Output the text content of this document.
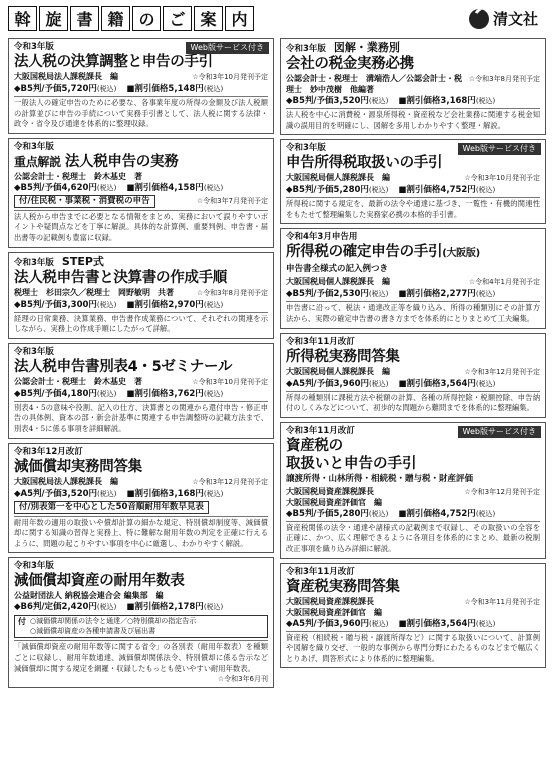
斡 旋 書 籍 の ご 案 内	清文社
令和3年版	Web版サービス付き
法人税の決算調整と申告の手引
大阪国税局法人課税課長　編	☆令和3年10月発刊予定
◆B5判/予価5,720円(税込) ■割引価格5,148円(税込)
一般法人の確定申告のために必要な、各事業年度の所得の金額及び法人税額の計算並びに申告の手続について実務手引書として、法人税に関する法律・政令・省令及び通達を体系的に整理収録。
令和3年版
重点解説 法人税申告の実務
公認会計士・税理士　鈴木基史　著
◆B5判/予価4,620円(税込) ■割引価格4,158円(税込)
付/住民税・事業税・消費税の申告	☆令和3年7月発刊予定
法人税から申告までに必要となる情報をまとめ、実務において誤りやすいポイントや疑問点などを丁寧に解説。具体的な計算例、重要判例、申告書・届出書等の記載例も豊富に収録。
令和3年版 STEP式
法人税申告書と決算書の作成手順
税理士　杉田宗久／税理士　岡野敏明　共著	☆令和3年8月発刊予定
◆B5判/予価3,300円(税込) ■割引価格2,970円(税込)
経理の日常業務、決算業務、申告書作成業務について、それぞれの関連を示しながら、実務上の作成手順にしたがって詳解。
令和3年版
法人税申告書別表4・5ゼミナール
公認会計士・税理士　鈴木基史　著	☆令和3年10月発刊予定
◆B5判/予価4,180円(税込) ■割引価格3,762円(税込)
別表4・5の意味や役割、記入の仕方、決算書との関連から還付申告・修正申告の具体例、資本の部・新会計基準に関連する申告調整時の記載方法まで、別表4・5に係る事項を詳細解説。
令和3年12月改訂
減価償却実務問答集
大阪国税局法人課税課長　編	☆令和3年12月発刊予定
◆A5判/予価3,520円(税込) ■割引価格3,168円(税込)
付/別表第一を中心とした50音順耐用年数早見表
耐用年数の適用の取扱いや償却計算の細かな規定、特別償却制度等、減価償却に関する知識の習得と実務上、特に難解な耐用年数の判定を正確に行えるように、問題の起こりやすい事項を中心に厳選し、わかりやすく解説。
令和3年版
減価償却資産の耐用年数表
公益財団法人 納税協会連合会 編集部　編
◆B6判/定価2,420円(税込) ■割引価格2,178円(税込)
付 ○減価償却関係の法令と通達／○特別償却の指定告示
○減価償却資産の各種申請書及び届出書
「減価償却資産の耐用年数等に関する省令」の各別表（耐用年数表）を種類ごとに収録し、耐用年数通達、減価償却関係法令、特別償却に係る告示など減価償却に関する規定を網羅・収録したもっとも使いやすい耐用年数表。
☆令和3年6月刊
令和3年版 図解・業務別
会社の税金実務必携
公認会計士・税理士　溝端浩人／公認会計士・税理士　妙中茂樹　他編著
☆令和3年8月発刊予定
◆B5判/予価3,520円(税込) ■割引価格3,168円(税込)
法人税を中心に消費税・源泉所得税・資産税など会社業務に関連する税金知識の誤用目的を明確にし、図解を多用しわかりやすく整理・解説。
令和3年版	Web版サービス付き
申告所得税取扱いの手引
大阪国税局個人課税課長　編	☆令和3年10月発刊予定
◆B5判/予価5,280円(税込) ■割引価格4,752円(税込)
所得税に関する規定を、最新の法令や通達に基づき、一覧性・有機的関連性をもたせて整理編集した実務家必携の本格的手引書。
令和4年3月申告用
所得税の確定申告の手引(大阪版)
申告書全様式の記入例つき
大阪国税局個人課税課長　編	☆令和4年1月発刊予定
◆B5判/予価2,530円(税込) ■割引価格2,277円(税込)
申告書に沿って、税法・通達改正等を織り込み、所得の種類別にその計算方法から、実際の確定申告書の書き方までを体系的にとりまとめて工夫編集。
令和3年11月改訂
所得税実務問答集
大阪国税局個人課税課長　編	☆令和3年12月発刊予定
◆A5判/予価3,960円(税込) ■割引価格3,564円(税込)
所得の種類別に課税方法や税額の計算、各種の所得控除・税額控除、申告納付のしくみなどについて、初歩的な問題から難問までを体系的に整理編集。
令和3年11月改訂	Web版サービス付き
資産税の
取扱いと申告の手引
譲渡所得・山林所得・相続税・贈与税・財産評価
大阪国税局資産課税課長
大阪国税局資産評価官　編
☆令和3年12月発刊予定
◆B5判/予価5,280円(税込) ■割引価格4,752円(税込)
資産税関係の法令・通達や諸様式の記載例まで収録し、その取扱いの全容を正確に、かつ、広く理解できるように各項目を体系的にまとめ、最新の税制改正事項を織り込み詳細に解説。
令和3年11月改訂
資産税実務問答集
大阪国税局資産課税課長
大阪国税局資産評価官　編
☆令和3年11月発刊予定
◆A5判/予価3,960円(税込) ■割引価格3,564円(税込)
資産税（相続税・贈与税・譲渡所得など）に関する取扱いについて、計算例や図解を織り交ぜ、一般的な事例から専門分野にわたるものなどまで幅広くとりあげ、問答形式により体系的に整理編集。
